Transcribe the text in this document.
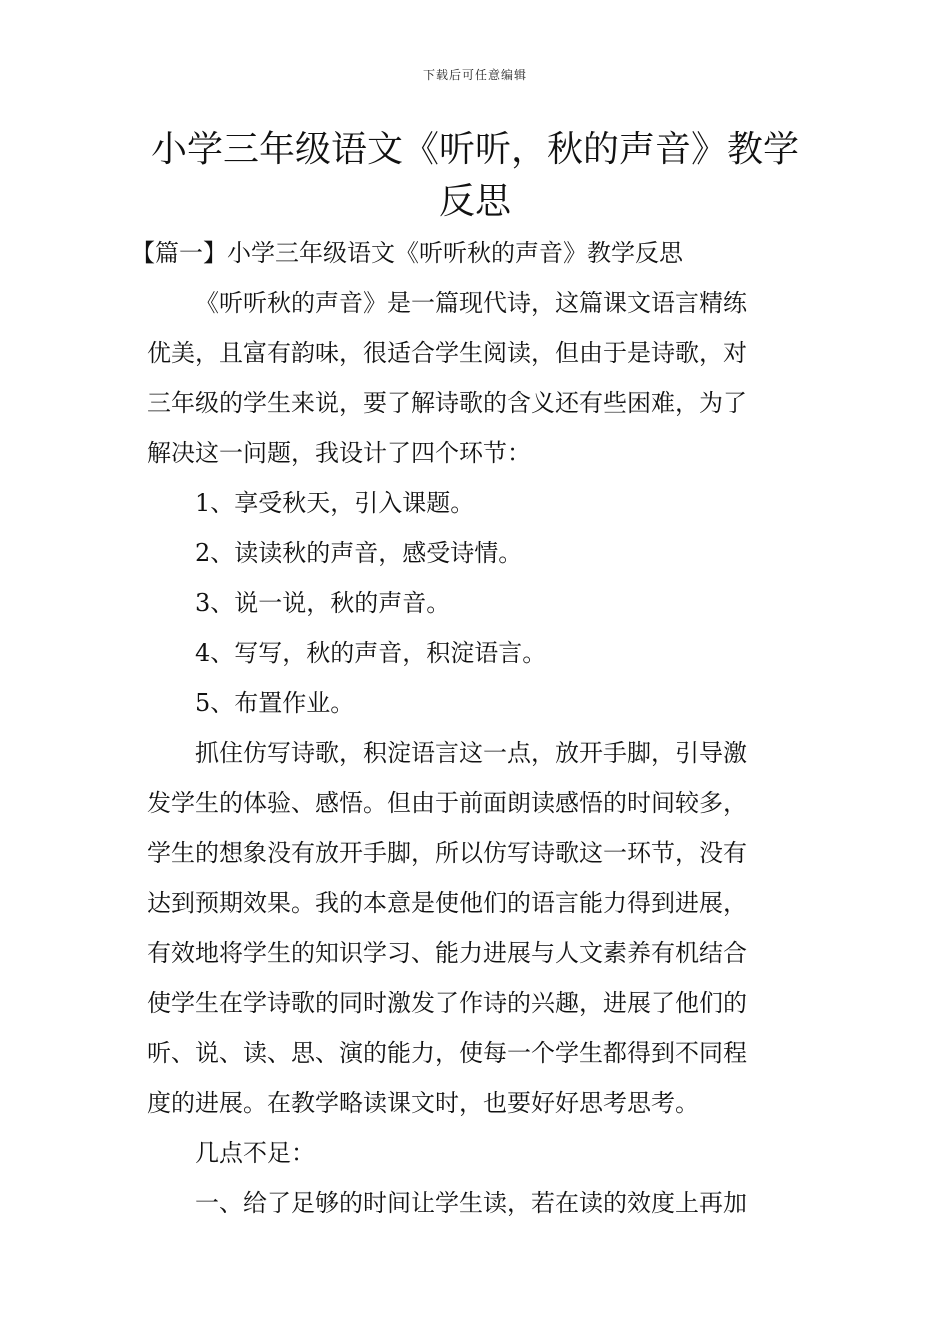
下载后可任意编辑
小学三年级语文《听听，秋的声音》教学
反思
【篇一】小学三年级语文《听听秋的声音》教学反思
《听听秋的声音》是一篇现代诗，这篇课文语言精练
优美，且富有韵味，很适合学生阅读，但由于是诗歌，对
三年级的学生来说，要了解诗歌的含义还有些困难，为了
解决这一问题，我设计了四个环节：
1、享受秋天，引入课题。
2、读读秋的声音，感受诗情。
3、说一说，秋的声音。
4、写写，秋的声音，积淀语言。
5、布置作业。
抓住仿写诗歌，积淀语言这一点，放开手脚，引导激
发学生的体验、感悟。但由于前面朗读感悟的时间较多，
学生的想象没有放开手脚，所以仿写诗歌这一环节，没有
达到预期效果。我的本意是使他们的语言能力得到进展，
有效地将学生的知识学习、能力进展与人文素养有机结合
使学生在学诗歌的同时激发了作诗的兴趣，进展了他们的
听、说、读、思、演的能力，使每一个学生都得到不同程
度的进展。在教学略读课文时，也要好好思考思考。
几点不足：
一、给了足够的时间让学生读，若在读的效度上再加
